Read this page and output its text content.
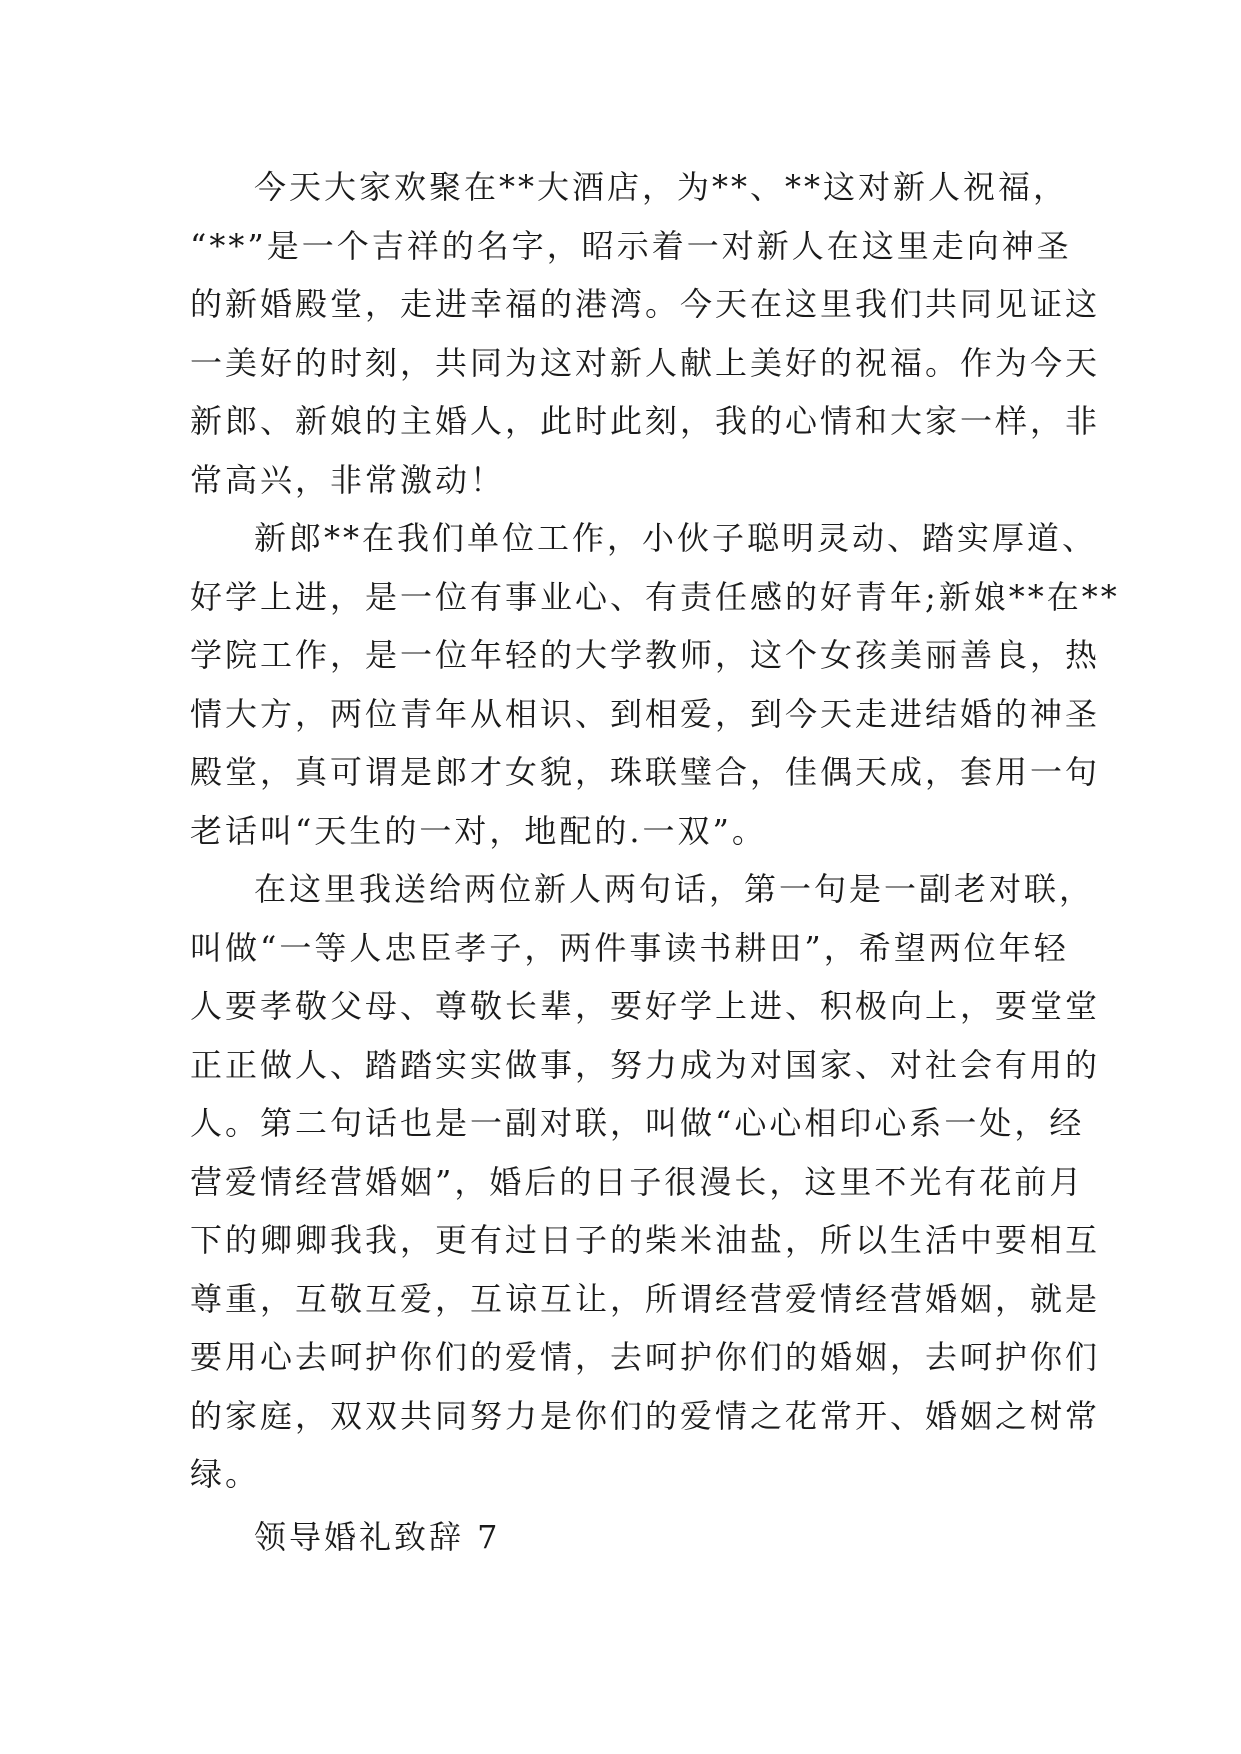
今天大家欢聚在**大酒店，为**、**这对新人祝福，
“**”是一个吉祥的名字，昭示着一对新人在这里走向神圣
的新婚殿堂，走进幸福的港湾。今天在这里我们共同见证这
一美好的时刻，共同为这对新人献上美好的祝福。作为今天
新郎、新娘的主婚人，此时此刻，我的心情和大家一样，非
常高兴，非常激动！
新郎**在我们单位工作，小伙子聪明灵动、踏实厚道、
好学上进，是一位有事业心、有责任感的好青年;新娘**在**
学院工作，是一位年轻的大学教师，这个女孩美丽善良，热
情大方，两位青年从相识、到相爱，到今天走进结婚的神圣
殿堂，真可谓是郎才女貌，珠联璧合，佳偶天成，套用一句
老话叫“天生的一对，地配的.一双”。
在这里我送给两位新人两句话，第一句是一副老对联，
叫做“一等人忠臣孝子，两件事读书耕田”，希望两位年轻
人要孝敬父母、尊敬长辈，要好学上进、积极向上，要堂堂
正正做人、踏踏实实做事，努力成为对国家、对社会有用的
人。第二句话也是一副对联，叫做“心心相印心系一处，经
营爱情经营婚姻”，婚后的日子很漫长，这里不光有花前月
下的卿卿我我，更有过日子的柴米油盐，所以生活中要相互
尊重，互敬互爱，互谅互让，所谓经营爱情经营婚姻，就是
要用心去呵护你们的爱情，去呵护你们的婚姻，去呵护你们
的家庭，双双共同努力是你们的爱情之花常开、婚姻之树常
绿。
领导婚礼致辞 7
